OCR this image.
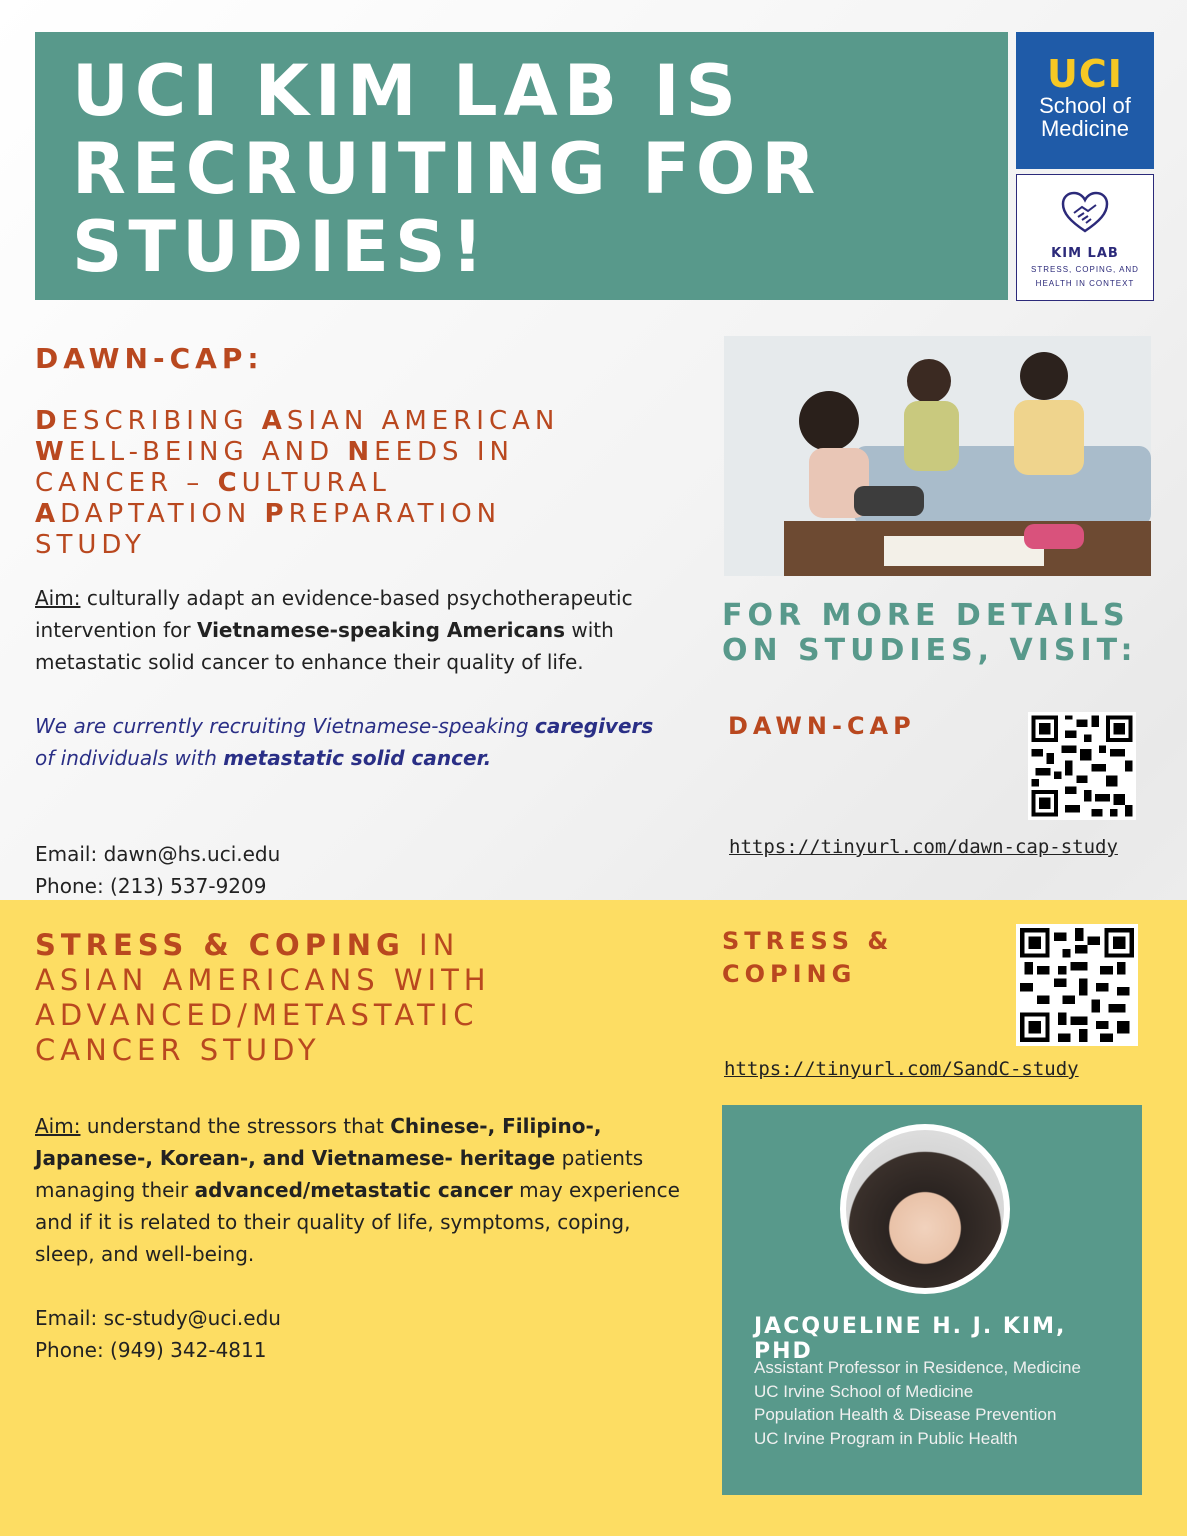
UCI KIM LAB IS
RECRUITING FOR
STUDIES!
UCI
School of
Medicine
KIM LAB
STRESS, COPING, AND
HEALTH IN CONTEXT
DAWN-CAP:
DESCRIBING ASIAN AMERICAN
WELL-BEING AND NEEDS IN
CANCER – CULTURAL
ADAPTATION PREPARATION
STUDY
Aim: culturally adapt an evidence-based psychotherapeutic intervention for Vietnamese-speaking Americans with metastatic solid cancer to enhance their quality of life.
We are currently recruiting Vietnamese-speaking caregivers of individuals with metastatic solid cancer.
Email: dawn@hs.uci.edu
Phone: (213) 537-9209
FOR MORE DETAILS
ON STUDIES, VISIT:
DAWN-CAP
https://tinyurl.com/dawn-cap-study
STRESS & COPING IN
ASIAN AMERICANS WITH
ADVANCED/METASTATIC
CANCER STUDY
Aim: understand the stressors that Chinese-, Filipino-, Japanese-, Korean-, and Vietnamese- heritage patients managing their advanced/metastatic cancer may experience and if it is related to their quality of life, symptoms, coping, sleep, and well-being.
Email: sc-study@uci.edu
Phone: (949) 342-4811
STRESS &
COPING
https://tinyurl.com/SandC-study
JACQUELINE H. J. KIM, PHD
Assistant Professor in Residence, Medicine
UC Irvine School of Medicine
Population Health & Disease Prevention
UC Irvine Program in Public Health
